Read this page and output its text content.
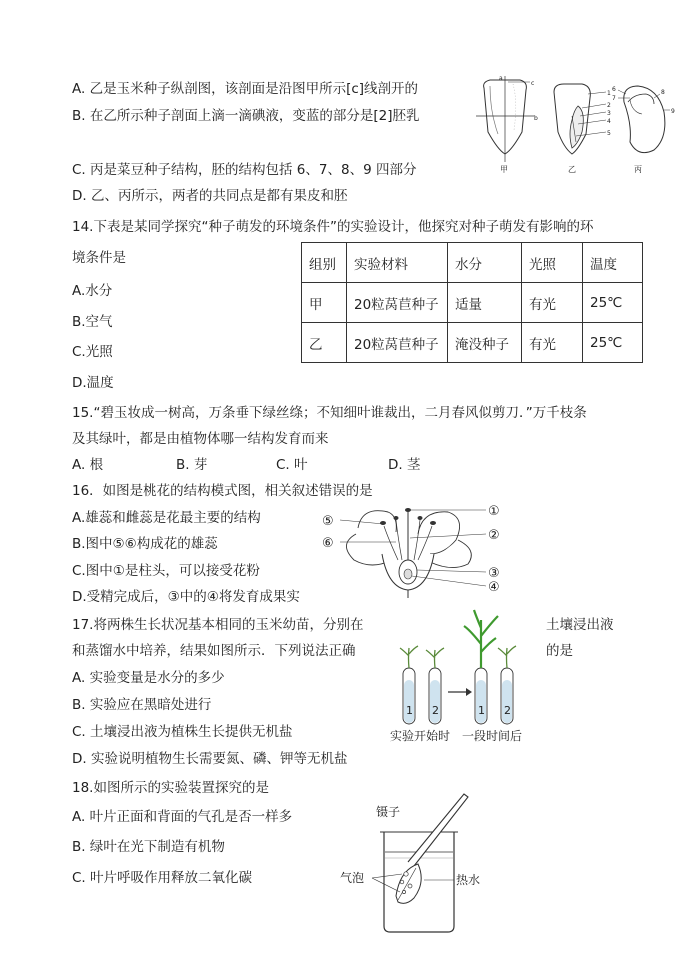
A. 乙是玉米种子纵剖图，该剖面是沿图甲所示[c]线剖开的
B. 在乙所示种子剖面上滴一滴碘液，变蓝的部分是[2]胚乳
C. 丙是菜豆种子结构，胚的结构包括 6、7、8、9 四部分
D. 乙、丙所示，两者的共同点是都有果皮和胚
a
c
b
甲
1
2
3
4
5
乙
6
7
8
9
丙
14.下表是某同学探究“种子萌发的环境条件”的实验设计，他探究对种子萌发有影响的环
境条件是
A.水分
B.空气
C.光照
D.温度
组别	实验材料	水分	光照	温度
甲	20粒莴苣种子	适量	有光	25℃
乙	20粒莴苣种子	淹没种子	有光	25℃
15.“碧玉妆成一树高，万条垂下绿丝绦；不知细叶谁裁出，二月春风似剪刀．”万千枝条
及其绿叶，都是由植物体哪一结构发育而来
A. 根	B. 芽	C. 叶	D. 茎
16．如图是桃花的结构模式图，相关叙述错误的是
A.雄蕊和雌蕊是花最主要的结构
B.图中⑤⑥构成花的雄蕊
C.图中①是柱头，可以接受花粉
D.受精完成后，③中的④将发育成果实
①
②
③
④
⑤
⑥
17.将两株生长状况基本相同的玉米幼苗，分别在	土壤浸出液
和蒸馏水中培养，结果如图所示．下列说法正确	的是
A. 实验变量是水分的多少
B. 实验应在黑暗处进行
C. 土壤浸出液为植株生长提供无机盐
D. 实验说明植物生长需要氮、磷、钾等无机盐
1 2	1 2
实验开始时 一段时间后
18.如图所示的实验装置探究的是
A. 叶片正面和背面的气孔是否一样多
B. 绿叶在光下制造有机物
C. 叶片呼吸作用释放二氧化碳
镊子
气泡	热水
